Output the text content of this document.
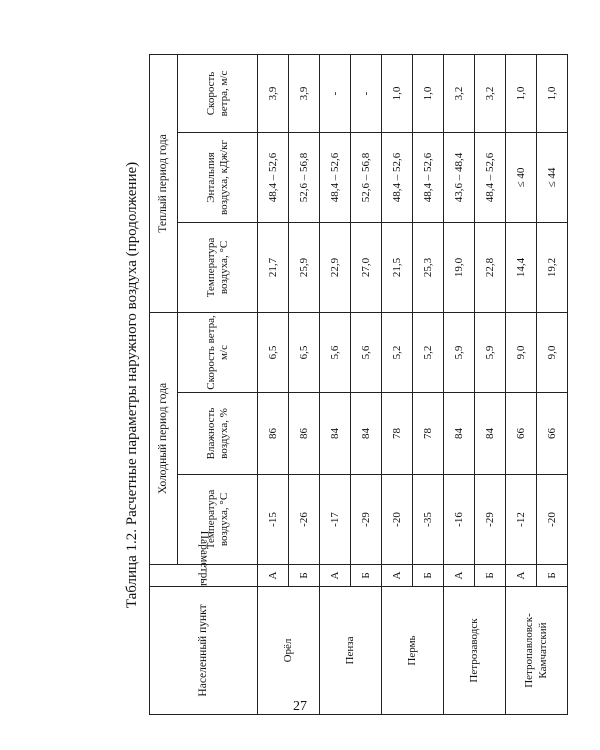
Таблица 1.2. Расчетные параметры наружного воздуха (продолжение)
Населенный пункт	Параметры	Холодный период года			Теплый период года		
		Температура воздуха, °С	Влажность воздуха, %	Скорость ветра, м/с	Температура воздуха, °С	Энтальпия воздуха, кДж/кг	Скорость ветра, м/с
Орёл	А	-15	86	6,5	21,7	48,4 – 52,6	3,9
	Б	-26	86	6,5	25,9	52,6 – 56,8	3,9
Пенза	А	-17	84	5,6	22,9	48,4 – 52,6	-
	Б	-29	84	5,6	27,0	52,6 – 56,8	-
Пермь	А	-20	78	5,2	21,5	48,4 – 52,6	1,0
	Б	-35	78	5,2	25,3	48,4 – 52,6	1,0
Петрозаводск	А	-16	84	5,9	19,0	43,6 – 48,4	3,2
	Б	-29	84	5,9	22,8	48,4 – 52,6	3,2
Петропавловск-Камчатский	А	-12	66	9,0	14,4	≤ 40	1,0
	Б	-20	66	9,0	19,2	≤ 44	1,0
27
